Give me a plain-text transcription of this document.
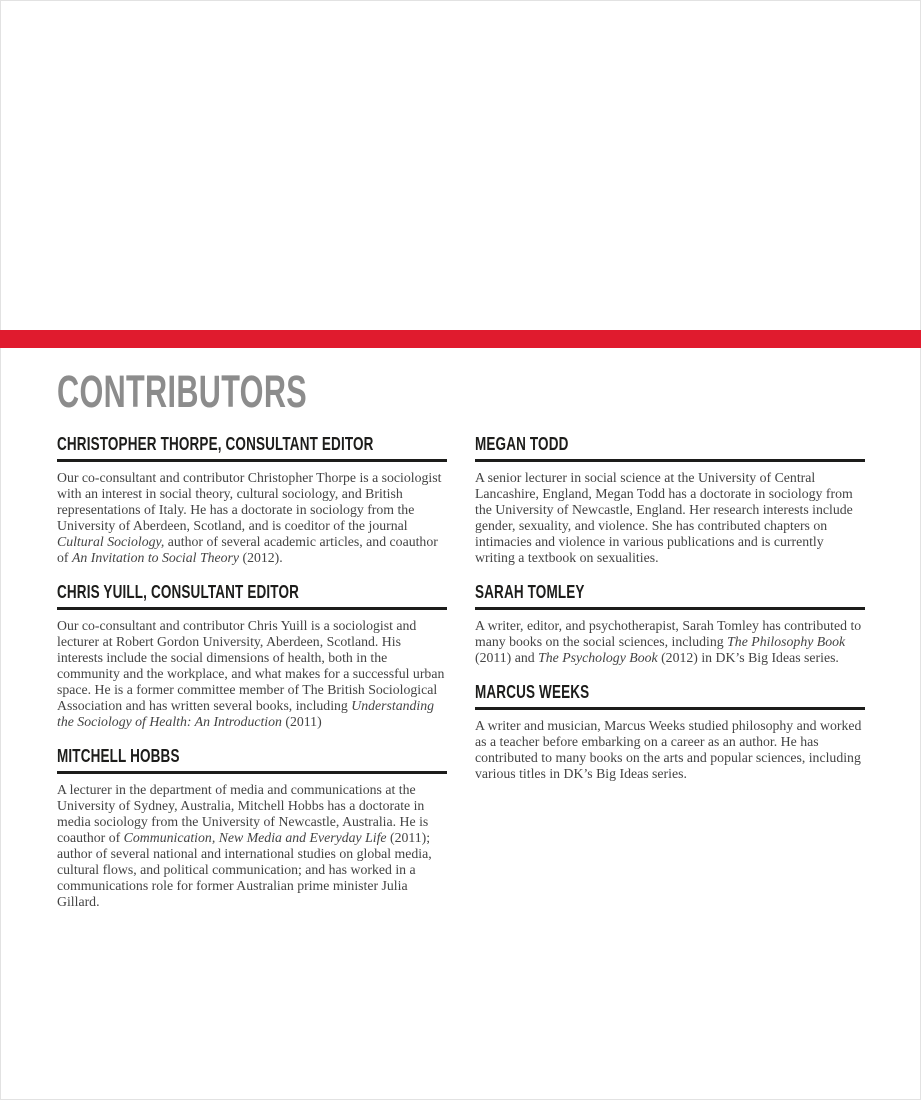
CONTRIBUTORS
CHRISTOPHER THORPE, CONSULTANT EDITOR

Our co-consultant and contributor Christopher Thorpe is a sociologist with an interest in social theory, cultural sociology, and British representations of Italy. He has a doctorate in sociology from the University of Aberdeen, Scotland, and is coeditor of the journal Cultural Sociology, author of several academic articles, and coauthor of An Invitation to Social Theory (2012).

CHRIS YUILL, CONSULTANT EDITOR

Our co-consultant and contributor Chris Yuill is a sociologist and lecturer at Robert Gordon University, Aberdeen, Scotland. His interests include the social dimensions of health, both in the community and the workplace, and what makes for a successful urban space. He is a former committee member of The British Sociological Association and has written several books, including Understanding the Sociology of Health: An Introduction (2011)

MITCHELL HOBBS

A lecturer in the department of media and communications at the University of Sydney, Australia, Mitchell Hobbs has a doctorate in media sociology from the University of Newcastle, Australia. He is coauthor of Communication, New Media and Everyday Life (2011); author of several national and international studies on global media, cultural flows, and political communication; and has worked in a communications role for former Australian prime minister Julia Gillard.

MEGAN TODD

A senior lecturer in social science at the University of Central Lancashire, England, Megan Todd has a doctorate in sociology from the University of Newcastle, England. Her research interests include gender, sexuality, and violence. She has contributed chapters on intimacies and violence in various publications and is currently writing a textbook on sexualities.

SARAH TOMLEY

A writer, editor, and psychotherapist, Sarah Tomley has contributed to many books on the social sciences, including The Philosophy Book (2011) and The Psychology Book (2012) in DK’s Big Ideas series.

MARCUS WEEKS

A writer and musician, Marcus Weeks studied philosophy and worked as a teacher before embarking on a career as an author. He has contributed to many books on the arts and popular sciences, including various titles in DK’s Big Ideas series.
